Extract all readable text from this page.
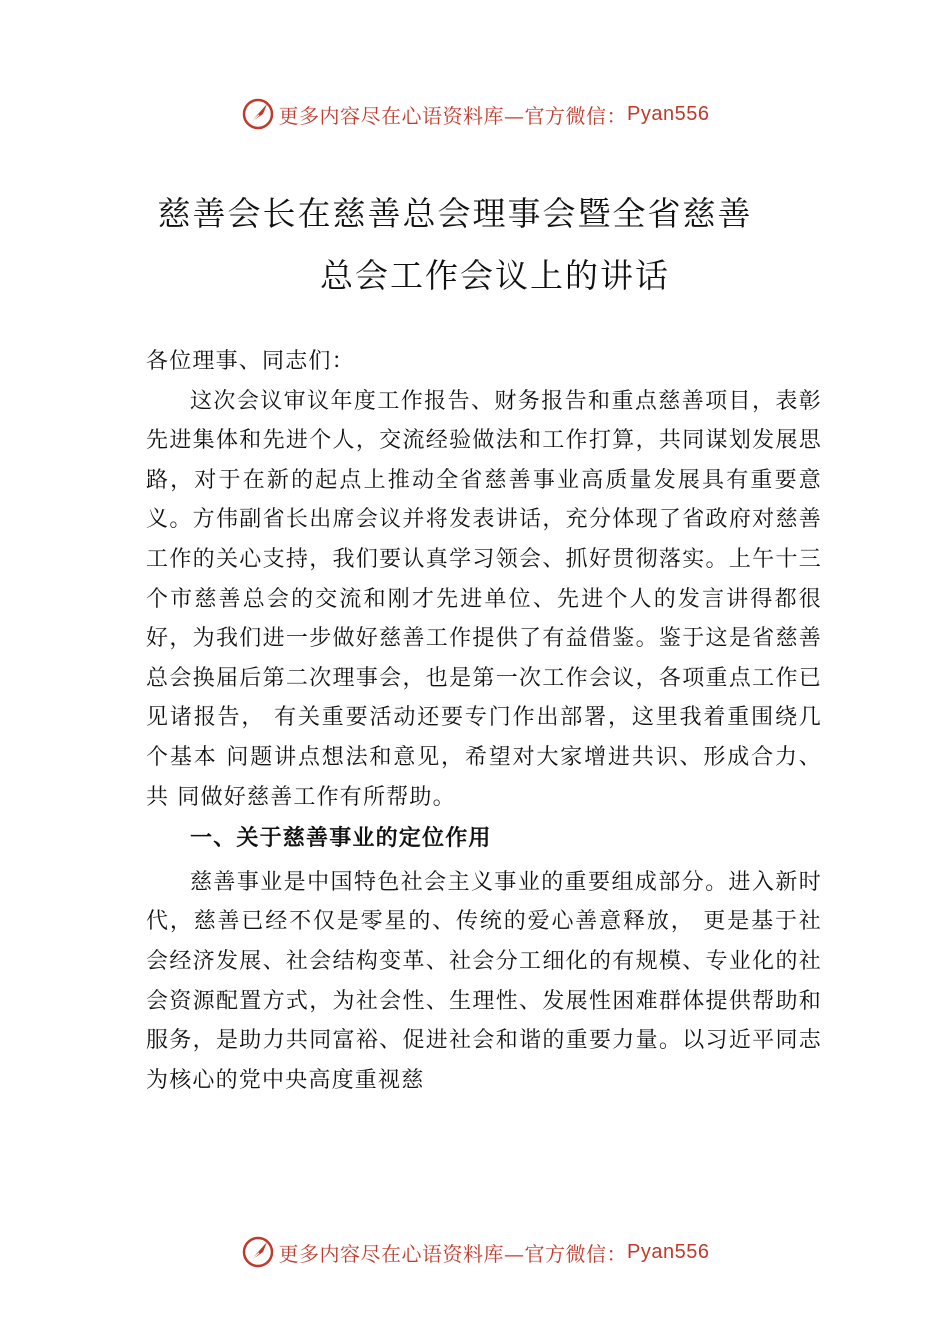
更多内容尽在心语资料库—官方微信： Pyan556
慈善会长在慈善总会理事会暨全省慈善
总会工作会议上的讲话

各位理事、同志们：

这次会议审议年度工作报告、财务报告和重点慈善项目，表彰先进集体和先进个人，交流经验做法和工作打算，共同谋划发展思路，对于在新的起点上推动全省慈善事业高质量发展具有重要意义。方伟副省长出席会议并将发表讲话，充分体现了省政府对慈善工作的关心支持，我们要认真学习领会、抓好贯彻落实。上午十三个市慈善总会的交流和刚才先进单位、先进个人的发言讲得都很好，为我们进一步做好慈善工作提供了有益借鉴。鉴于这是省慈善总会换届后第二次理事会，也是第一次工作会议，各项重点工作已见诸报告， 有关重要活动还要专门作出部署，这里我着重围绕几个基本 问题讲点想法和意见，希望对大家增进共识、形成合力、共 同做好慈善工作有所帮助。

一、关于慈善事业的定位作用

慈善事业是中国特色社会主义事业的重要组成部分。进入新时代，慈善已经不仅是零星的、传统的爱心善意释放， 更是基于社会经济发展、社会结构变革、社会分工细化的有规模、专业化的社会资源配置方式，为社会性、生理性、发展性困难群体提供帮助和服务，是助力共同富裕、促进社会和谐的重要力量。以习近平同志为核心的党中央高度重视慈

更多内容尽在心语资料库—官方微信： Pyan556
